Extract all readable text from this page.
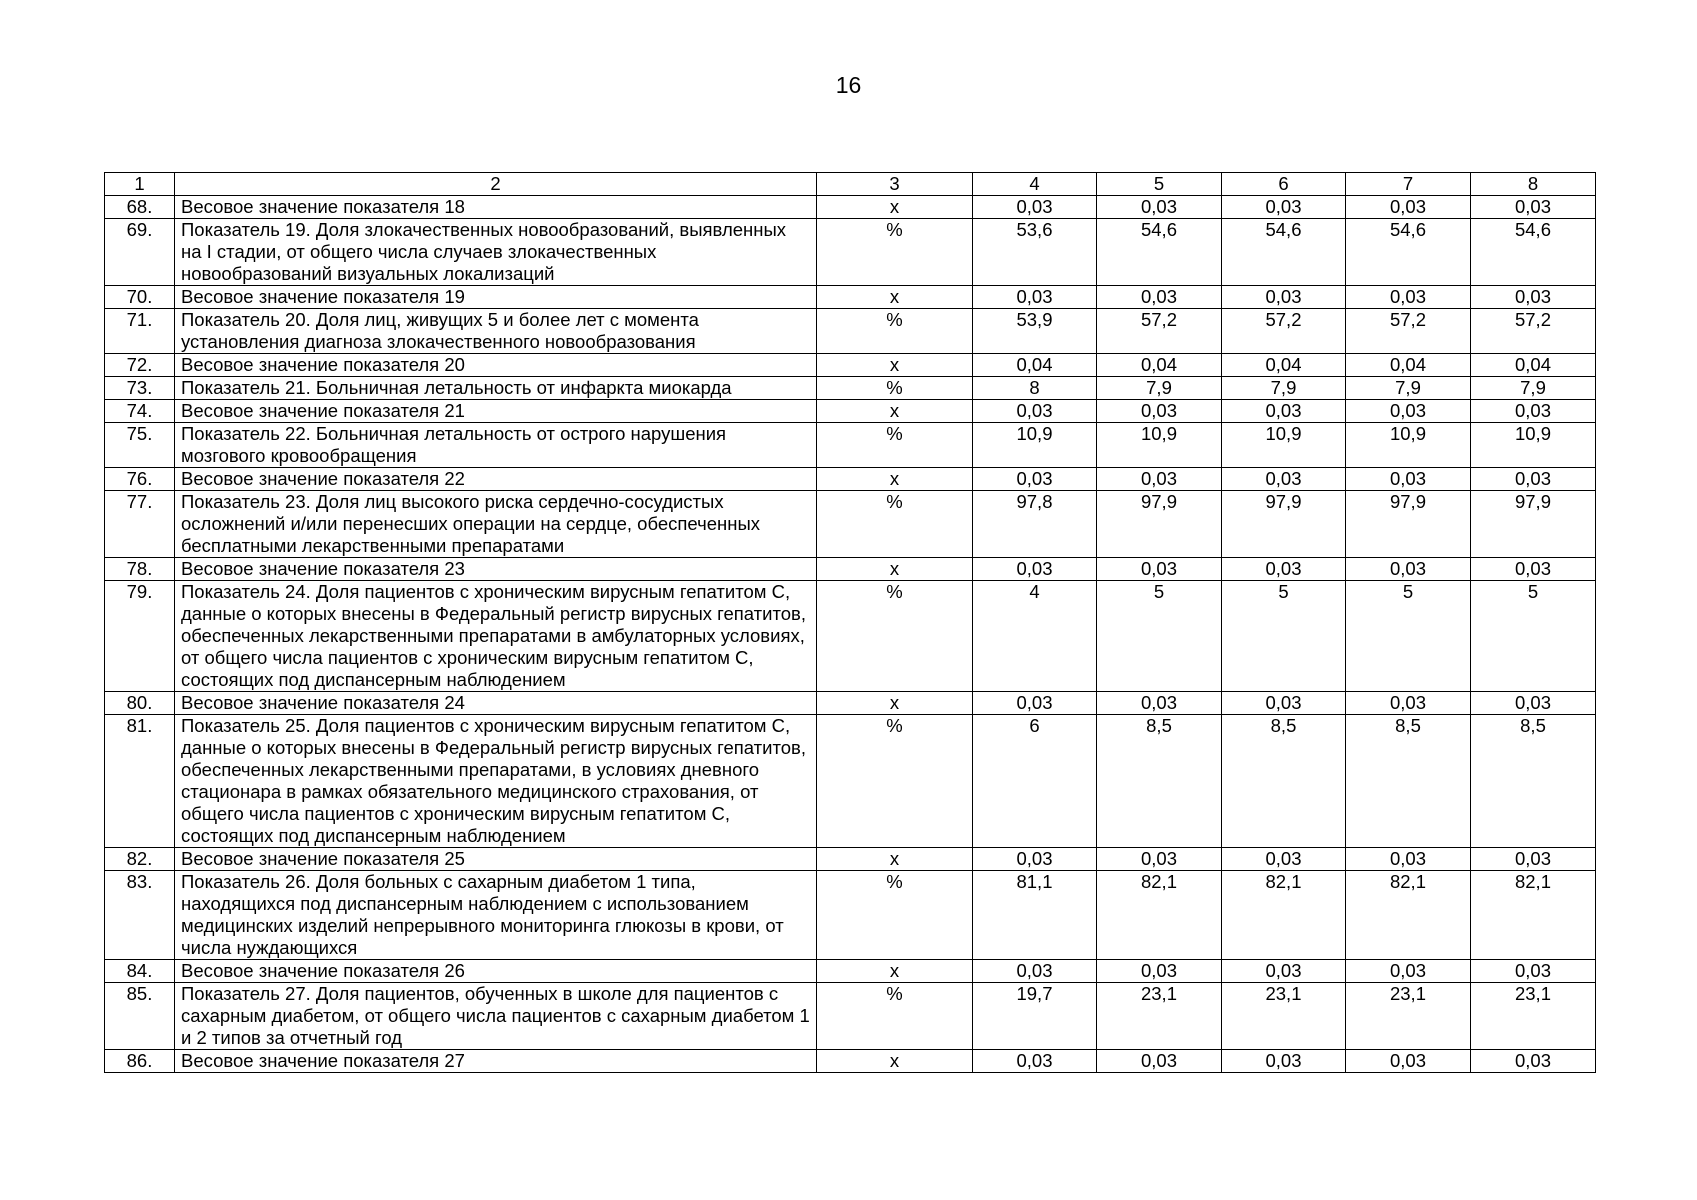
16
1	2	3	4	5	6	7	8
68.	Весовое значение показателя 18	x	0,03	0,03	0,03	0,03	0,03
69.	Показатель 19. Доля злокачественных новообразований, выявленных на I стадии, от общего числа случаев злокачественных новообразований визуальных локализаций	%	53,6	54,6	54,6	54,6	54,6
70.	Весовое значение показателя 19	x	0,03	0,03	0,03	0,03	0,03
71.	Показатель 20. Доля лиц, живущих 5 и более лет с момента установления диагноза злокачественного новообразования	%	53,9	57,2	57,2	57,2	57,2
72.	Весовое значение показателя 20	x	0,04	0,04	0,04	0,04	0,04
73.	Показатель 21. Больничная летальность от инфаркта миокарда	%	8	7,9	7,9	7,9	7,9
74.	Весовое значение показателя 21	x	0,03	0,03	0,03	0,03	0,03
75.	Показатель 22. Больничная летальность от острого нарушения мозгового кровообращения	%	10,9	10,9	10,9	10,9	10,9
76.	Весовое значение показателя 22	x	0,03	0,03	0,03	0,03	0,03
77.	Показатель 23. Доля лиц высокого риска сердечно-сосудистых осложнений и/или перенесших операции на сердце, обеспеченных бесплатными лекарственными препаратами	%	97,8	97,9	97,9	97,9	97,9
78.	Весовое значение показателя 23	x	0,03	0,03	0,03	0,03	0,03
79.	Показатель 24. Доля пациентов с хроническим вирусным гепатитом С, данные о которых внесены в Федеральный регистр вирусных гепатитов, обеспеченных лекарственными препаратами в амбулаторных условиях, от общего числа пациентов с хроническим вирусным гепатитом С, состоящих под диспансерным наблюдением	%	4	5	5	5	5
80.	Весовое значение показателя 24	x	0,03	0,03	0,03	0,03	0,03
81.	Показатель 25. Доля пациентов с хроническим вирусным гепатитом С, данные о которых внесены в Федеральный регистр вирусных гепатитов, обеспеченных лекарственными препаратами, в условиях дневного стационара в рамках обязательного медицинского страхования, от общего числа пациентов с хроническим вирусным гепатитом С, состоящих под диспансерным наблюдением	%	6	8,5	8,5	8,5	8,5
82.	Весовое значение показателя 25	x	0,03	0,03	0,03	0,03	0,03
83.	Показатель 26. Доля больных с сахарным диабетом 1 типа, находящихся под диспансерным наблюдением с использованием медицинских изделий непрерывного мониторинга глюкозы в крови, от числа нуждающихся	%	81,1	82,1	82,1	82,1	82,1
84.	Весовое значение показателя 26	x	0,03	0,03	0,03	0,03	0,03
85.	Показатель 27. Доля пациентов, обученных в школе для пациентов с сахарным диабетом, от общего числа пациентов с сахарным диабетом 1 и 2 типов за отчетный год	%	19,7	23,1	23,1	23,1	23,1
86.	Весовое значение показателя 27	x	0,03	0,03	0,03	0,03	0,03
